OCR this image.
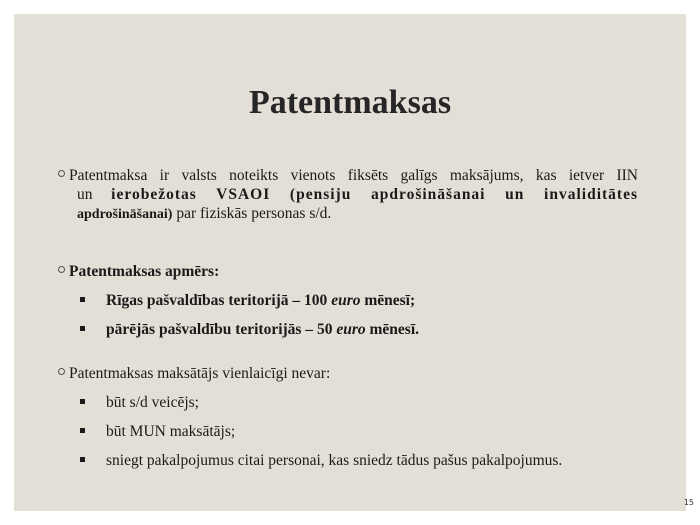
Patentmaksas
Patentmaksa ir valsts noteikts vienots fiksēts galīgs maksājums, kas ietver IIN
un ierobežotas VSAOI (pensiju apdrošināšanai un invaliditātes
apdrošināšanai) par fiziskās personas s/d.
Patentmaksas apmērs:
Rīgas pašvaldības teritorijā – 100 euro mēnesī;
pārējās pašvaldību teritorijās – 50 euro mēnesī.
Patentmaksas maksātājs vienlaicīgi nevar:
būt s/d veicējs;
būt MUN maksātājs;
sniegt pakalpojumus citai personai, kas sniedz tādus pašus pakalpojumus.
15
